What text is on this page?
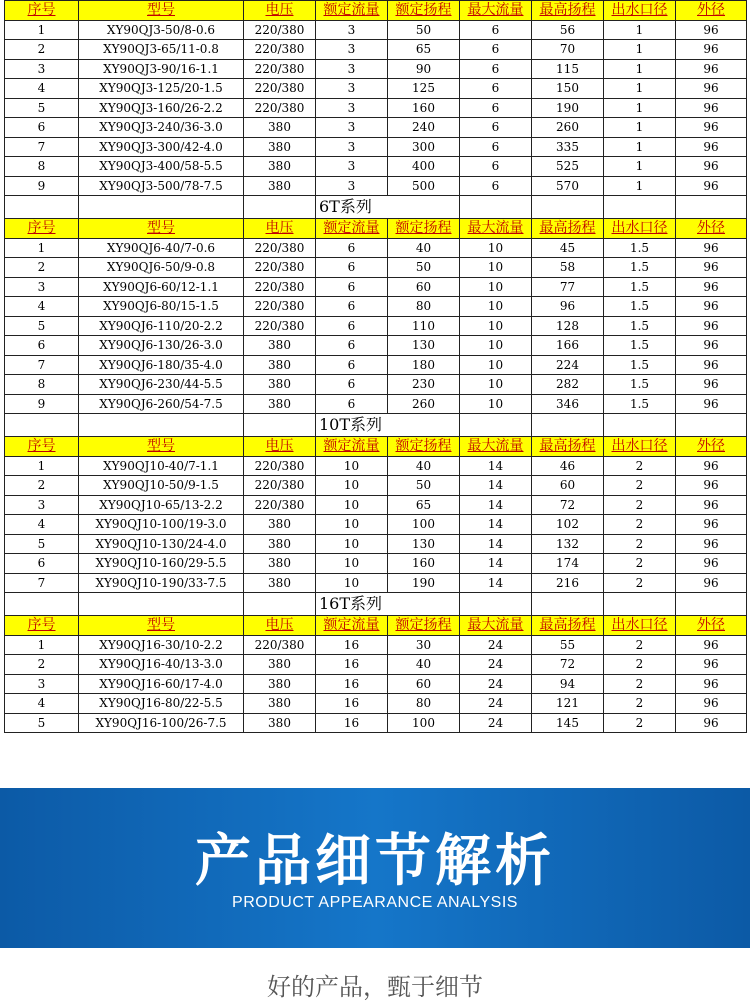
序号	型号	电压	额定流量	额定扬程	最大流量	最高扬程	出水口径	外径
1	XY90QJ3-50/8-0.6	220/380	3	50	6	56	1	96
2	XY90QJ3-65/11-0.8	220/380	3	65	6	70	1	96
3	XY90QJ3-90/16-1.1	220/380	3	90	6	115	1	96
4	XY90QJ3-125/20-1.5	220/380	3	125	6	150	1	96
5	XY90QJ3-160/26-2.2	220/380	3	160	6	190	1	96
6	XY90QJ3-240/36-3.0	380	3	240	6	260	1	96
7	XY90QJ3-300/42-4.0	380	3	300	6	335	1	96
8	XY90QJ3-400/58-5.5	380	3	400	6	525	1	96
9	XY90QJ3-500/78-7.5	380	3	500	6	570	1	96
			6T系列					
序号	型号	电压	额定流量	额定扬程	最大流量	最高扬程	出水口径	外径
1	XY90QJ6-40/7-0.6	220/380	6	40	10	45	1.5	96
2	XY90QJ6-50/9-0.8	220/380	6	50	10	58	1.5	96
3	XY90QJ6-60/12-1.1	220/380	6	60	10	77	1.5	96
4	XY90QJ6-80/15-1.5	220/380	6	80	10	96	1.5	96
5	XY90QJ6-110/20-2.2	220/380	6	110	10	128	1.5	96
6	XY90QJ6-130/26-3.0	380	6	130	10	166	1.5	96
7	XY90QJ6-180/35-4.0	380	6	180	10	224	1.5	96
8	XY90QJ6-230/44-5.5	380	6	230	10	282	1.5	96
9	XY90QJ6-260/54-7.5	380	6	260	10	346	1.5	96
			10T系列					
序号	型号	电压	额定流量	额定扬程	最大流量	最高扬程	出水口径	外径
1	XY90QJ10-40/7-1.1	220/380	10	40	14	46	2	96
2	XY90QJ10-50/9-1.5	220/380	10	50	14	60	2	96
3	XY90QJ10-65/13-2.2	220/380	10	65	14	72	2	96
4	XY90QJ10-100/19-3.0	380	10	100	14	102	2	96
5	XY90QJ10-130/24-4.0	380	10	130	14	132	2	96
6	XY90QJ10-160/29-5.5	380	10	160	14	174	2	96
7	XY90QJ10-190/33-7.5	380	10	190	14	216	2	96
			16T系列					
序号	型号	电压	额定流量	额定扬程	最大流量	最高扬程	出水口径	外径
1	XY90QJ16-30/10-2.2	220/380	16	30	24	55	2	96
2	XY90QJ16-40/13-3.0	380	16	40	24	72	2	96
3	XY90QJ16-60/17-4.0	380	16	60	24	94	2	96
4	XY90QJ16-80/22-5.5	380	16	80	24	121	2	96
5	XY90QJ16-100/26-7.5	380	16	100	24	145	2	96
产品细节解析
PRODUCT APPEARANCE ANALYSIS
好的产品，甄于细节
